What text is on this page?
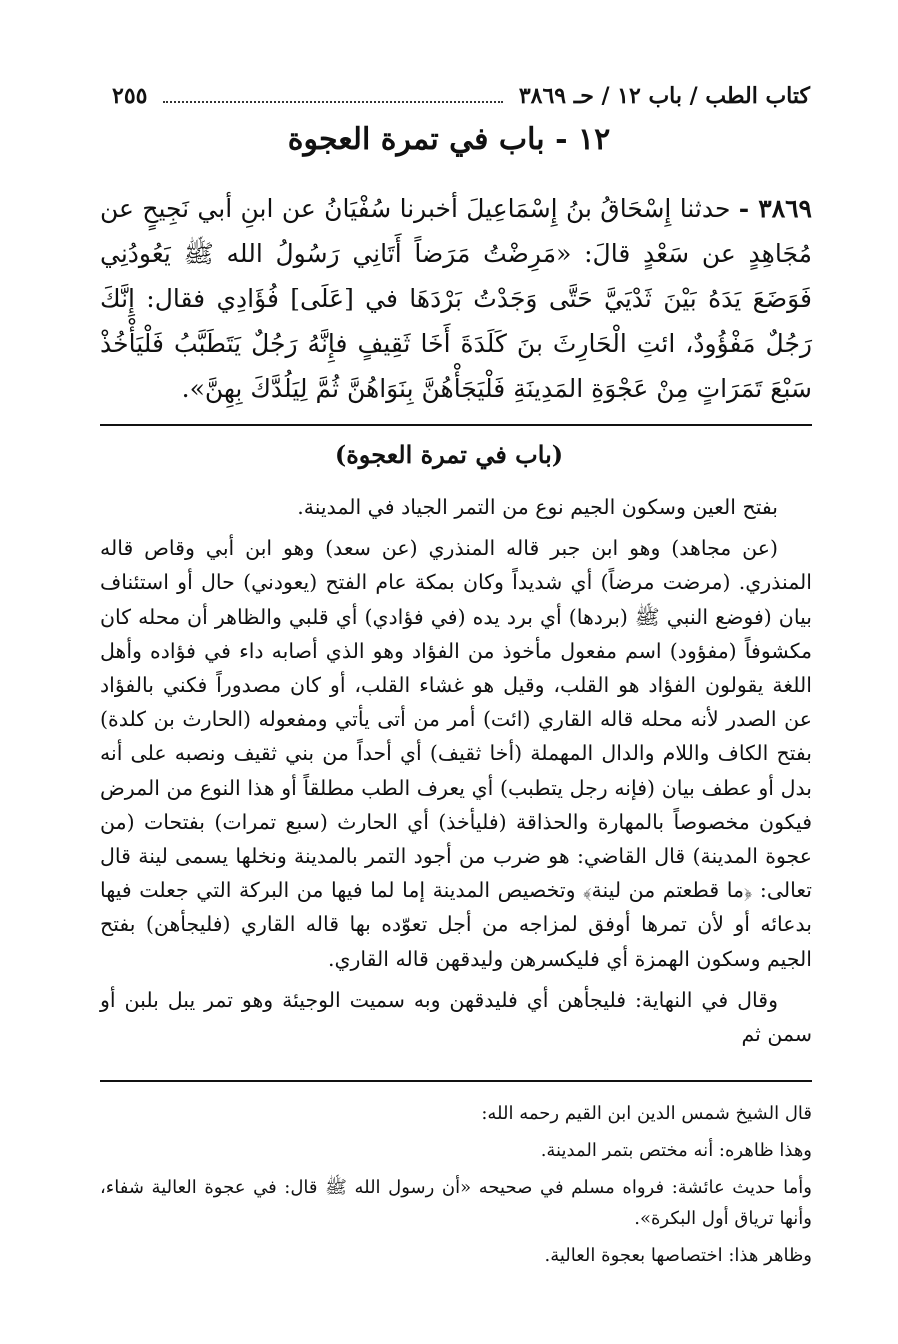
كتاب الطب / باب ١٢ / حـ ٣٨٦٩
٢٥٥
١٢ - باب في تمرة العجوة

٣٨٦٩ - حدثنا إِسْحَاقُ بنُ إِسْمَاعِيلَ أخبرنا سُفْيَانُ عن ابنِ أبي نَجِيحٍ عن مُجَاهِدٍ عن سَعْدٍ قالَ: «مَرِضْتُ مَرَضاً أَتَانِي رَسُولُ الله ﷺ يَعُودُنِي فَوَضَعَ يَدَهُ بَيْنَ ثَدْيَيَّ حَتَّى وَجَدْتُ بَرْدَهَا في [عَلَى] فُؤَادِي فقال: إِنَّكَ رَجُلٌ مَفْؤُودٌ، ائتِ الْحَارِثَ بنَ كَلَدَةَ أَخَا ثَقِيفٍ فإِنَّهُ رَجُلٌ يَتَطَبَّبُ فَلْيَأْخُذْ سَبْعَ تَمَرَاتٍ مِنْ عَجْوَةِ المَدِينَةِ فَلْيَجَأْهُنَّ بِنَوَاهُنَّ ثُمَّ لِيَلُدَّكَ بِهِنَّ».

(باب في تمرة العجوة)

بفتح العين وسكون الجيم نوع من التمر الجياد في المدينة.

(عن مجاهد) وهو ابن جبر قاله المنذري (عن سعد) وهو ابن أبي وقاص قاله المنذري. (مرضت مرضاً) أي شديداً وكان بمكة عام الفتح (يعودني) حال أو استئناف بيان (فوضع النبي ﷺ (بردها) أي برد يده (في فؤادي) أي قلبي والظاهر أن محله كان مكشوفاً (مفؤود) اسم مفعول مأخوذ من الفؤاد وهو الذي أصابه داء في فؤاده وأهل اللغة يقولون الفؤاد هو القلب، وقيل هو غشاء القلب، أو كان مصدوراً فكني بالفؤاد عن الصدر لأنه محله قاله القاري (ائت) أمر من أتى يأتي ومفعوله (الحارث بن كلدة) بفتح الكاف واللام والدال المهملة (أخا ثقيف) أي أحداً من بني ثقيف ونصبه على أنه بدل أو عطف بيان (فإنه رجل يتطبب) أي يعرف الطب مطلقاً أو هذا النوع من المرض فيكون مخصوصاً بالمهارة والحذاقة (فليأخذ) أي الحارث (سبع تمرات) بفتحات (من عجوة المدينة) قال القاضي: هو ضرب من أجود التمر بالمدينة ونخلها يسمى لينة قال تعالى: ﴿ما قطعتم من لينة﴾ وتخصيص المدينة إما لما فيها من البركة التي جعلت فيها بدعائه أو لأن تمرها أوفق لمزاجه من أجل تعوّده بها قاله القاري (فليجأهن) بفتح الجيم وسكون الهمزة أي فليكسرهن وليدقهن قاله القاري.

وقال في النهاية: فليجأهن أي فليدقهن وبه سميت الوجيئة وهو تمر يبل بلبن أو سمن ثم

قال الشيخ شمس الدين ابن القيم رحمه الله:

وهذا ظاهره: أنه مختص بتمر المدينة.

وأما حديث عائشة: فرواه مسلم في صحيحه «أن رسول الله ﷺ قال: في عجوة العالية شفاء، وأنها ترياق أول البكرة».

وظاهر هذا: اختصاصها بعجوة العالية.
